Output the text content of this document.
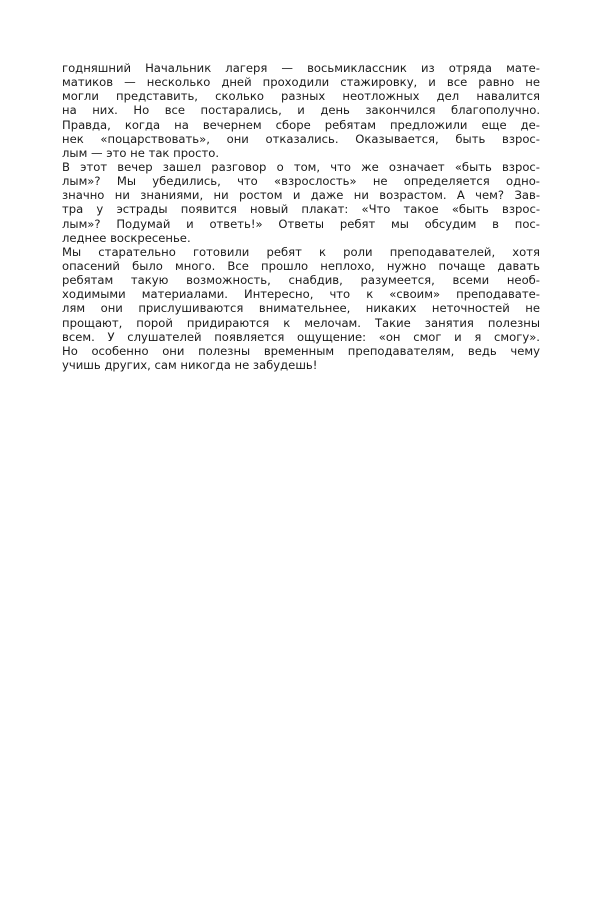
годняшний Начальник лагеря — восьмиклассник из отряда мате-
матиков — несколько дней проходили стажировку, и все равно не
могли представить, сколько разных неотложных дел навалится
на них. Но все постарались, и день закончился благополучно.
Правда, когда на вечернем сборе ребятам предложили еще де-
нек «поцарствовать», они отказались. Оказывается, быть взрос-
лым — это не так просто.
В этот вечер зашел разговор о том, что же означает «быть взрос-
лым»? Мы убедились, что «взрослость» не определяется одно-
значно ни знаниями, ни ростом и даже ни возрастом. А чем? Зав-
тра у эстрады появится новый плакат: «Что такое «быть взрос-
лым»? Подумай и ответь!» Ответы ребят мы обсудим в пос-
леднее воскресенье.
Мы старательно готовили ребят к роли преподавателей, хотя
опасений было много. Все прошло неплохо, нужно почаще давать
ребятам такую возможность, снабдив, разумеется, всеми необ-
ходимыми материалами. Интересно, что к «своим» преподавате-
лям они прислушиваются внимательнее, никаких неточностей не
прощают, порой придираются к мелочам. Такие занятия полезны
всем. У слушателей появляется ощущение: «он смог и я смогу».
Но особенно они полезны временным преподавателям, ведь чему
учишь других, сам никогда не забудешь!
